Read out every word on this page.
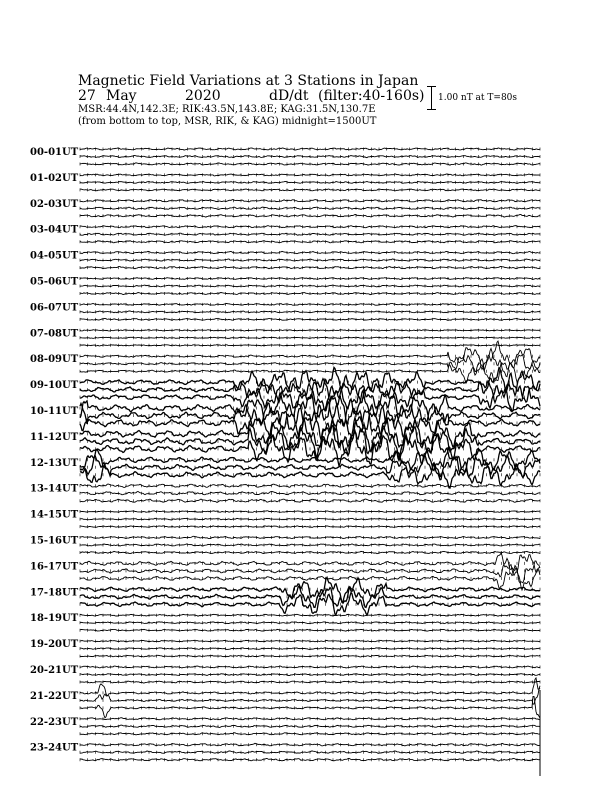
Magnetic Field Variations at 3 Stations in Japan
27 May	2020	dD/dt (filter:40-160s)
MSR:44.4N,142.3E; RIK:43.5N,143.8E; KAG:31.5N,130.7E
(from bottom to top, MSR, RIK, & KAG) midnight=1500UT
1.00 nT at T=80s
00-01UT
01-02UT
02-03UT
03-04UT
04-05UT
05-06UT
06-07UT
07-08UT
08-09UT
09-10UT
10-11UT
11-12UT
12-13UT
13-14UT
14-15UT
15-16UT
16-17UT
17-18UT
18-19UT
19-20UT
20-21UT
21-22UT
22-23UT
23-24UT
